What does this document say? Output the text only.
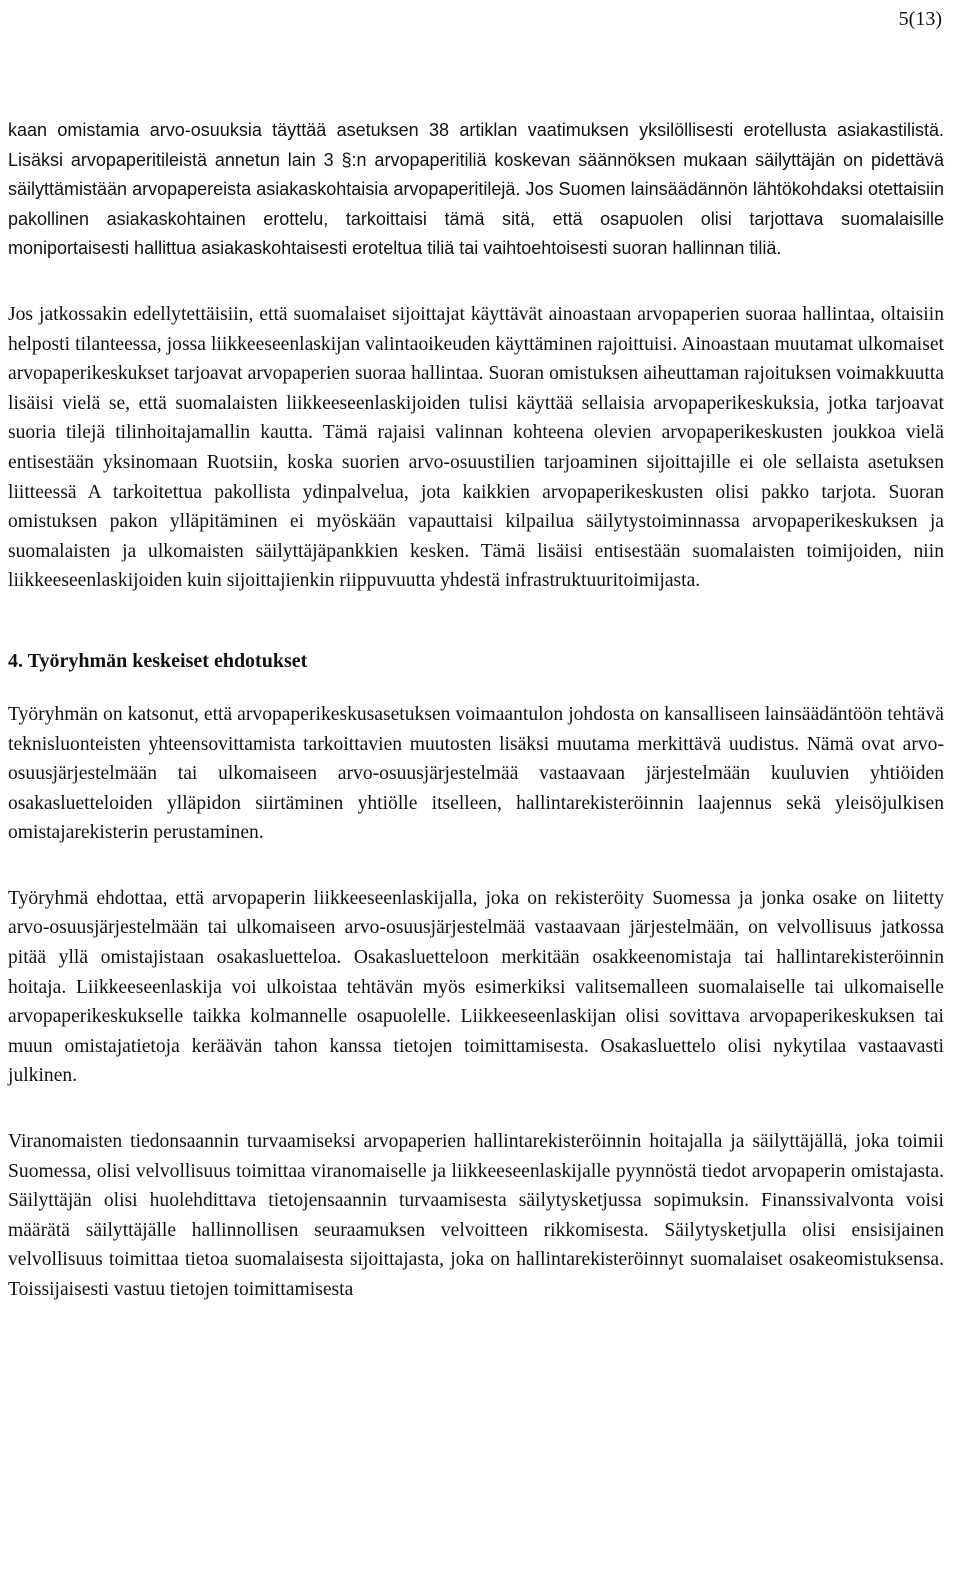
5(13)

kaan omistamia arvo-osuuksia täyttää asetuksen 38 artiklan vaatimuksen yksilöllisesti erotellusta asiakastilistä. Lisäksi arvopaperitileistä annetun lain 3 §:n arvopaperitiliä koskevan säännöksen mukaan säilyttäjän on pidettävä säilyttämistään arvopapereista asiakaskohtaisia arvopaperitilejä. Jos Suomen lainsäädännön lähtökohdaksi otettaisiin pakollinen asiakaskohtainen erottelu, tarkoittaisi tämä sitä, että osapuolen olisi tarjottava suomalaisille moniportaisesti hallittua asiakaskohtaisesti eroteltua tiliä tai vaihtoehtoisesti suoran hallinnan tiliä.

Jos jatkossakin edellytettäisiin, että suomalaiset sijoittajat käyttävät ainoastaan arvopaperien suoraa hallintaa, oltaisiin helposti tilanteessa, jossa liikkeeseenlaskijan valintaoikeuden käyttäminen rajoittuisi. Ainoastaan muutamat ulkomaiset arvopaperikeskukset tarjoavat arvopaperien suoraa hallintaa. Suoran omistuksen aiheuttaman rajoituksen voimakkuutta lisäisi vielä se, että suomalaisten liikkeeseenlaskijoiden tulisi käyttää sellaisia arvopaperikeskuksia, jotka tarjoavat suoria tilejä tilinhoitajamallin kautta. Tämä rajaisi valinnan kohteena olevien arvopaperikeskusten joukkoa vielä entisestään yksinomaan Ruotsiin, koska suorien arvo-osuustilien tarjoaminen sijoittajille ei ole sellaista asetuksen liitteessä A tarkoitettua pakollista ydinpalvelua, jota kaikkien arvopaperikeskusten olisi pakko tarjota. Suoran omistuksen pakon ylläpitäminen ei myöskään vapauttaisi kilpailua säilytystoiminnassa arvopaperikeskuksen ja suomalaisten ja ulkomaisten säilyttäjäpankkien kesken. Tämä lisäisi entisestään suomalaisten toimijoiden, niin liikkeeseenlaskijoiden kuin sijoittajienkin riippuvuutta yhdestä infrastruktuuritoimijasta.

4. Työryhmän keskeiset ehdotukset

Työryhmän on katsonut, että arvopaperikeskusasetuksen voimaantulon johdosta on kansalliseen lainsäädäntöön tehtävä teknisluonteisten yhteensovittamista tarkoittavien muutosten lisäksi muutama merkittävä uudistus. Nämä ovat arvo-osuusjärjestelmään tai ulkomaiseen arvo-osuusjärjestelmää vastaavaan järjestelmään kuuluvien yhtiöiden osakasluetteloiden ylläpidon siirtäminen yhtiölle itselleen, hallintarekisteröinnin laajennus sekä yleisöjulkisen omistajarekisterin perustaminen.

Työryhmä ehdottaa, että arvopaperin liikkeeseenlaskijalla, joka on rekisteröity Suomessa ja jonka osake on liitetty arvo-osuusjärjestelmään tai ulkomaiseen arvo-osuusjärjestelmää vastaavaan järjestelmään, on velvollisuus jatkossa pitää yllä omistajistaan osakasluetteloa. Osakasluetteloon merkitään osakkeenomistaja tai hallintarekisteröinnin hoitaja. Liikkeeseenlaskija voi ulkoistaa tehtävän myös esimerkiksi valitsemalleen suomalaiselle tai ulkomaiselle arvopaperikeskukselle taikka kolmannelle osapuolelle. Liikkeeseenlaskijan olisi sovittava arvopaperikeskuksen tai muun omistajatietoja keräävän tahon kanssa tietojen toimittamisesta. Osakasluettelo olisi nykytilaa vastaavasti julkinen.

Viranomaisten tiedonsaannin turvaamiseksi arvopaperien hallintarekisteröinnin hoitajalla ja säilyttäjällä, joka toimii Suomessa, olisi velvollisuus toimittaa viranomaiselle ja liikkeeseenlaskijalle pyynnöstä tiedot arvopaperin omistajasta. Säilyttäjän olisi huolehdittava tietojensaannin turvaamisesta säilytysketjussa sopimuksin. Finanssivalvonta voisi määrätä säilyttäjälle hallinnollisen seuraamuksen velvoitteen rikkomisesta. Säilytysketjulla olisi ensisijainen velvollisuus toimittaa tietoa suomalaisesta sijoittajasta, joka on hallintarekisteröinnyt suomalaiset osakeomistuksensa. Toissijaisesti vastuu tietojen toimittamisesta
